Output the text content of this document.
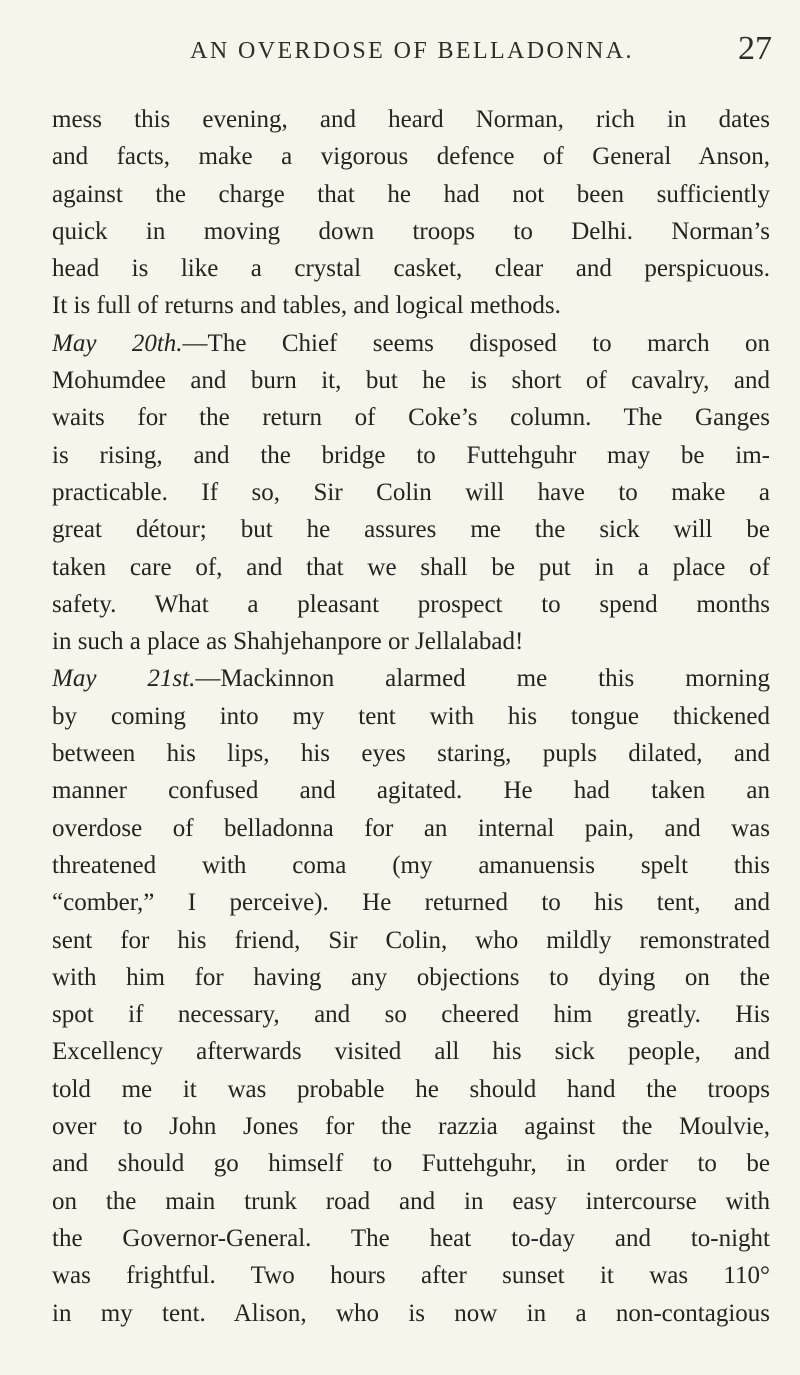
AN OVERDOSE OF BELLADONNA.	27
mess this evening, and heard Norman, rich in dates
and facts, make a vigorous defence of General Anson,
against the charge that he had not been sufficiently
quick in moving down troops to Delhi. Norman’s
head is like a crystal casket, clear and perspicuous.
It is full of returns and tables, and logical methods.
May 20th.—The Chief seems disposed to march on
Mohumdee and burn it, but he is short of cavalry, and
waits for the return of Coke’s column. The Ganges
is rising, and the bridge to Futtehguhr may be im-
practicable. If so, Sir Colin will have to make a
great détour; but he assures me the sick will be
taken care of, and that we shall be put in a place of
safety. What a pleasant prospect to spend months
in such a place as Shahjehanpore or Jellalabad!
May 21st.—Mackinnon alarmed me this morning
by coming into my tent with his tongue thickened
between his lips, his eyes staring, pupls dilated, and
manner confused and agitated. He had taken an
overdose of belladonna for an internal pain, and was
threatened with coma (my amanuensis spelt this
“comber,” I perceive). He returned to his tent, and
sent for his friend, Sir Colin, who mildly remonstrated
with him for having any objections to dying on the
spot if necessary, and so cheered him greatly. His
Excellency afterwards visited all his sick people, and
told me it was probable he should hand the troops
over to John Jones for the razzia against the Moulvie,
and should go himself to Futtehguhr, in order to be
on the main trunk road and in easy intercourse with
the Governor-General. The heat to-day and to-night
was frightful. Two hours after sunset it was 110°
in my tent. Alison, who is now in a non-contagious
